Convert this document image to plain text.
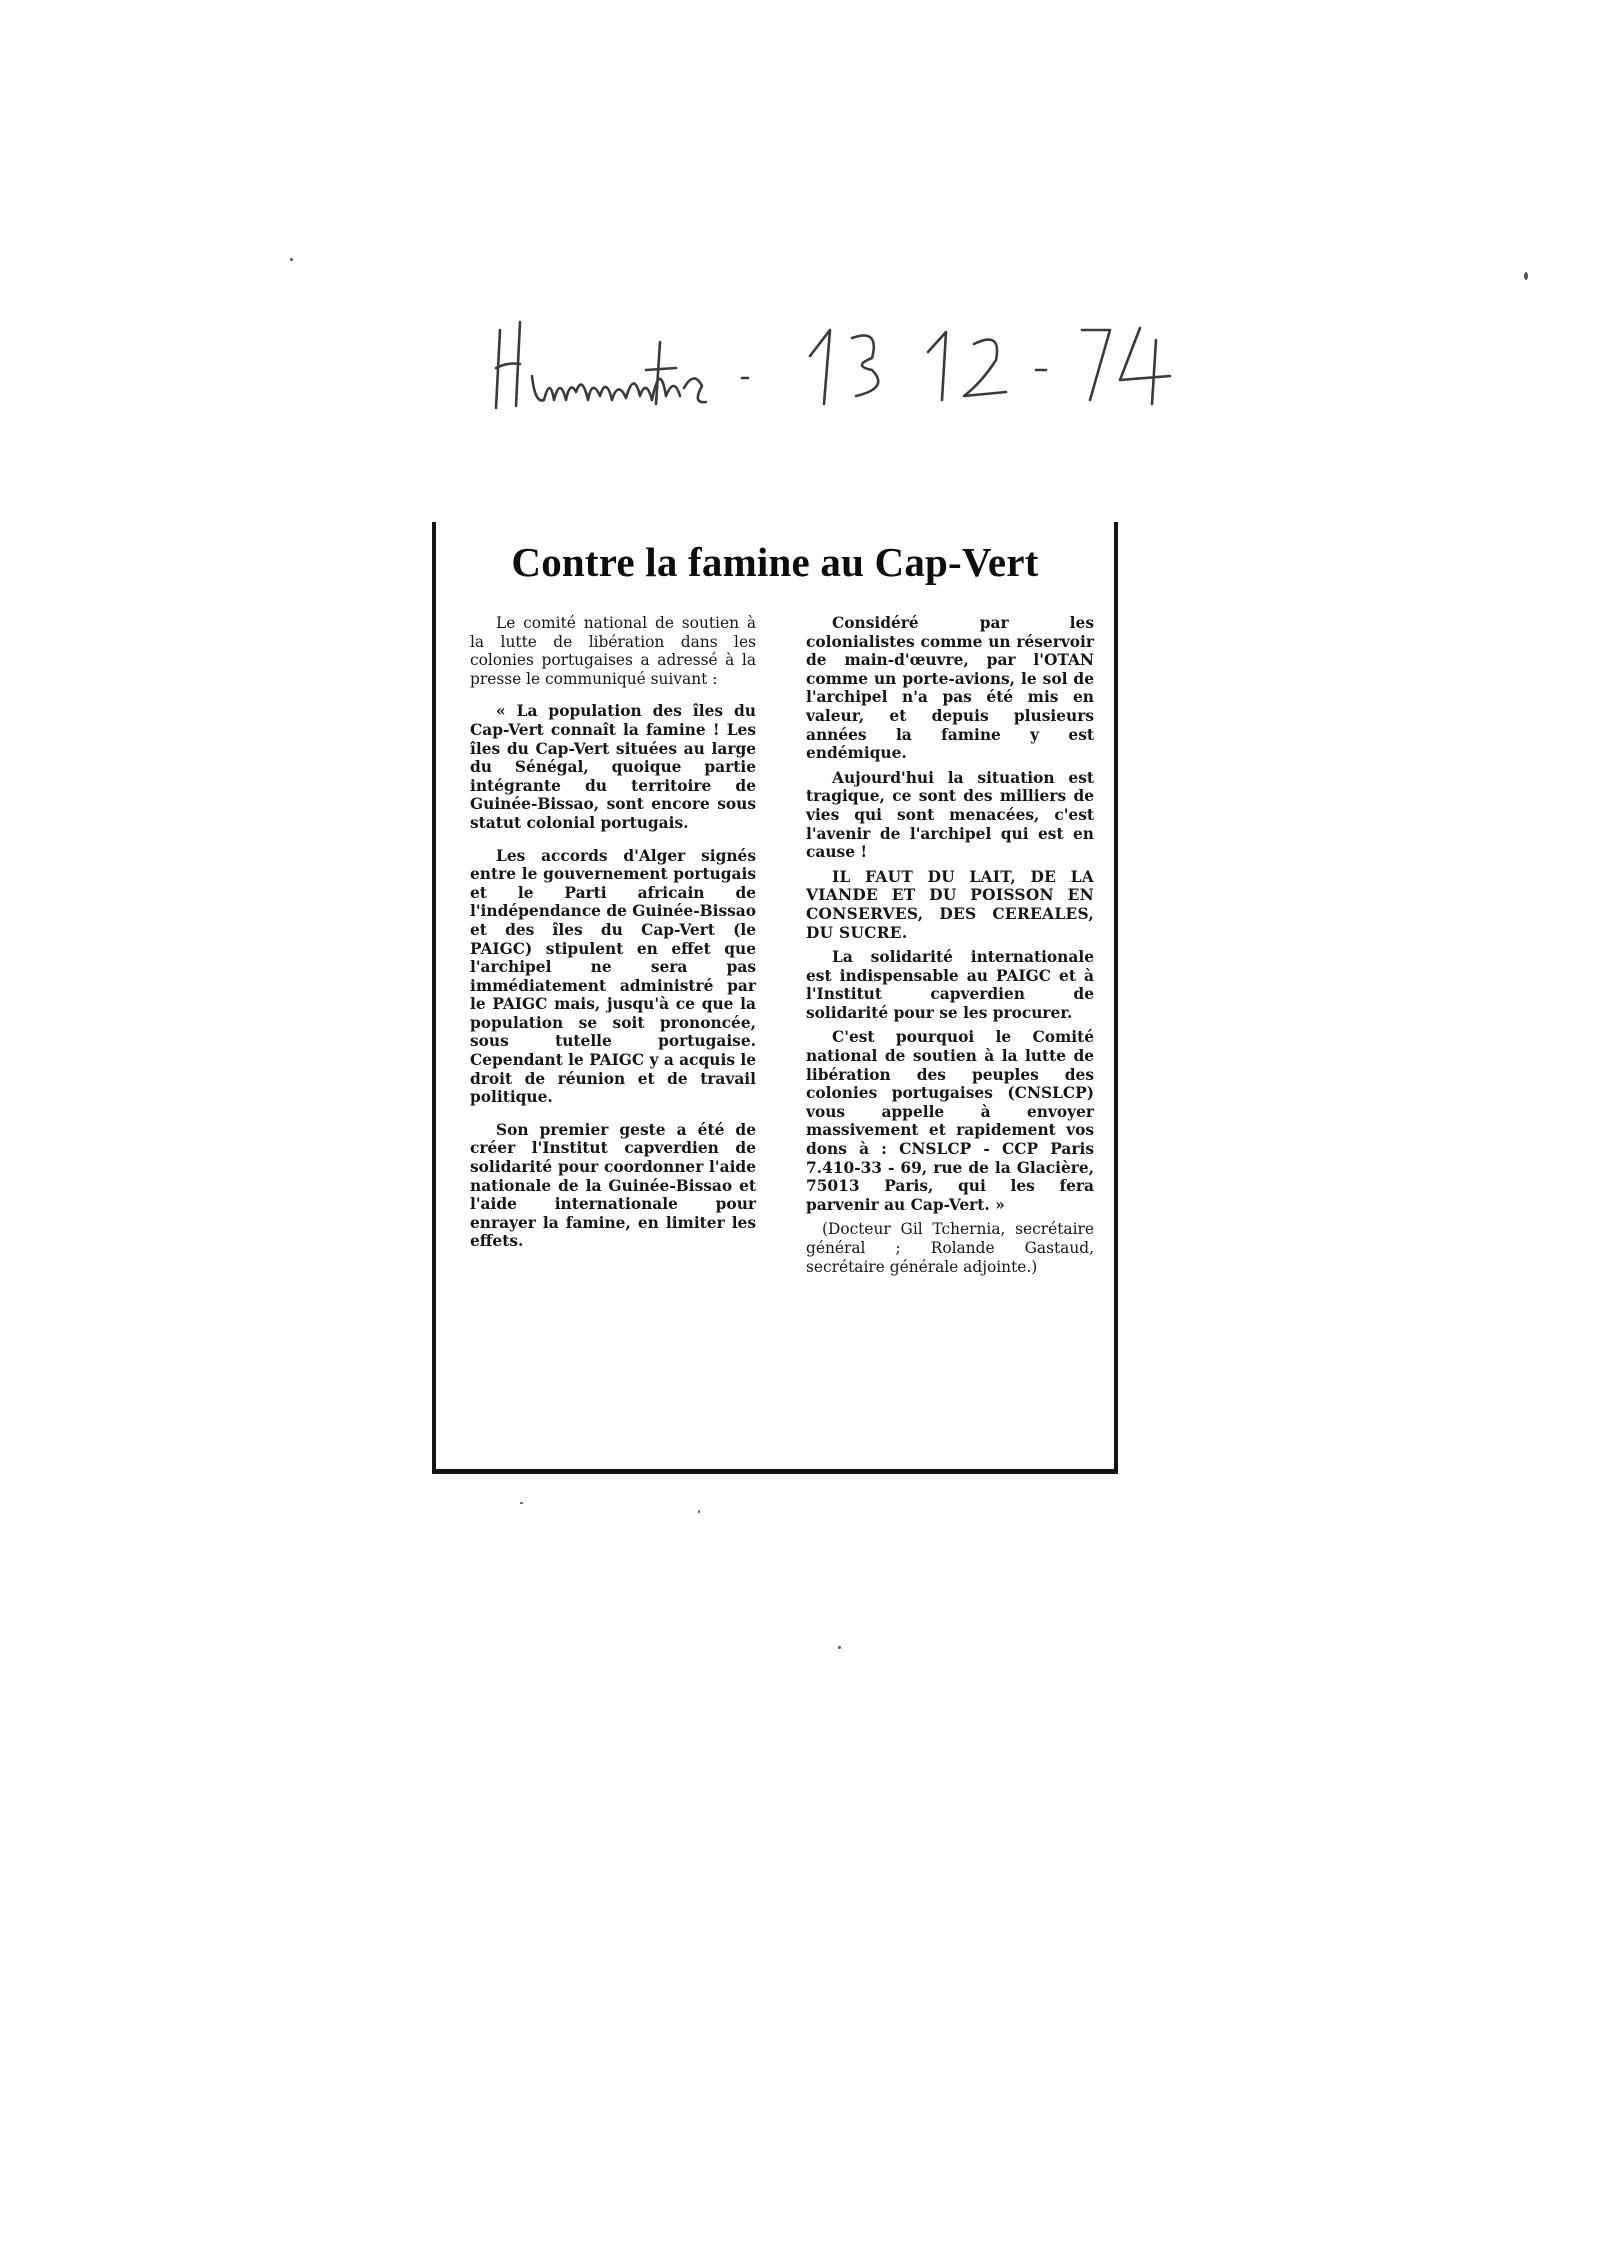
Contre la famine au Cap-Vert

Le comité national de soutien à la lutte de libération dans les colonies portugaises a adressé à la presse le communiqué suivant :

« La population des îles du Cap-Vert connaît la famine ! Les îles du Cap-Vert situées au large du Sénégal, quoique partie intégrante du territoire de Guinée-Bissao, sont encore sous statut colonial portugais.

Les accords d'Alger signés entre le gouvernement portugais et le Parti africain de l'indépendance de Guinée-Bissao et des îles du Cap-Vert (le PAIGC) stipulent en effet que l'archipel ne sera pas immédiatement administré par le PAIGC mais, jusqu'à ce que la population se soit prononcée, sous tutelle portugaise. Cependant le PAIGC y a acquis le droit de réunion et de travail politique.

Son premier geste a été de créer l'Institut capverdien de solidarité pour coordonner l'aide nationale de la Guinée-Bissao et l'aide internationale pour enrayer la famine, en limiter les effets.

Considéré par les colonialistes comme un réservoir de main-d'œuvre, par l'OTAN comme un porte-avions, le sol de l'archipel n'a pas été mis en valeur, et depuis plusieurs années la famine y est endémique.

Aujourd'hui la situation est tragique, ce sont des milliers de vies qui sont menacées, c'est l'avenir de l'archipel qui est en cause !

IL FAUT DU LAIT, DE LA VIANDE ET DU POISSON EN CONSERVES, DES CEREALES, DU SUCRE.

La solidarité internationale est indispensable au PAIGC et à l'Institut capverdien de solidarité pour se les procurer.

C'est pourquoi le Comité national de soutien à la lutte de libération des peuples des colonies portugaises (CNSLCP) vous appelle à envoyer massivement et rapidement vos dons à : CNSLCP - CCP Paris 7.410-33 - 69, rue de la Glacière, 75013 Paris, qui les fera parvenir au Cap-Vert. »

(Docteur Gil Tchernia, secrétaire général ; Rolande Gastaud, secrétaire générale adjointe.)
